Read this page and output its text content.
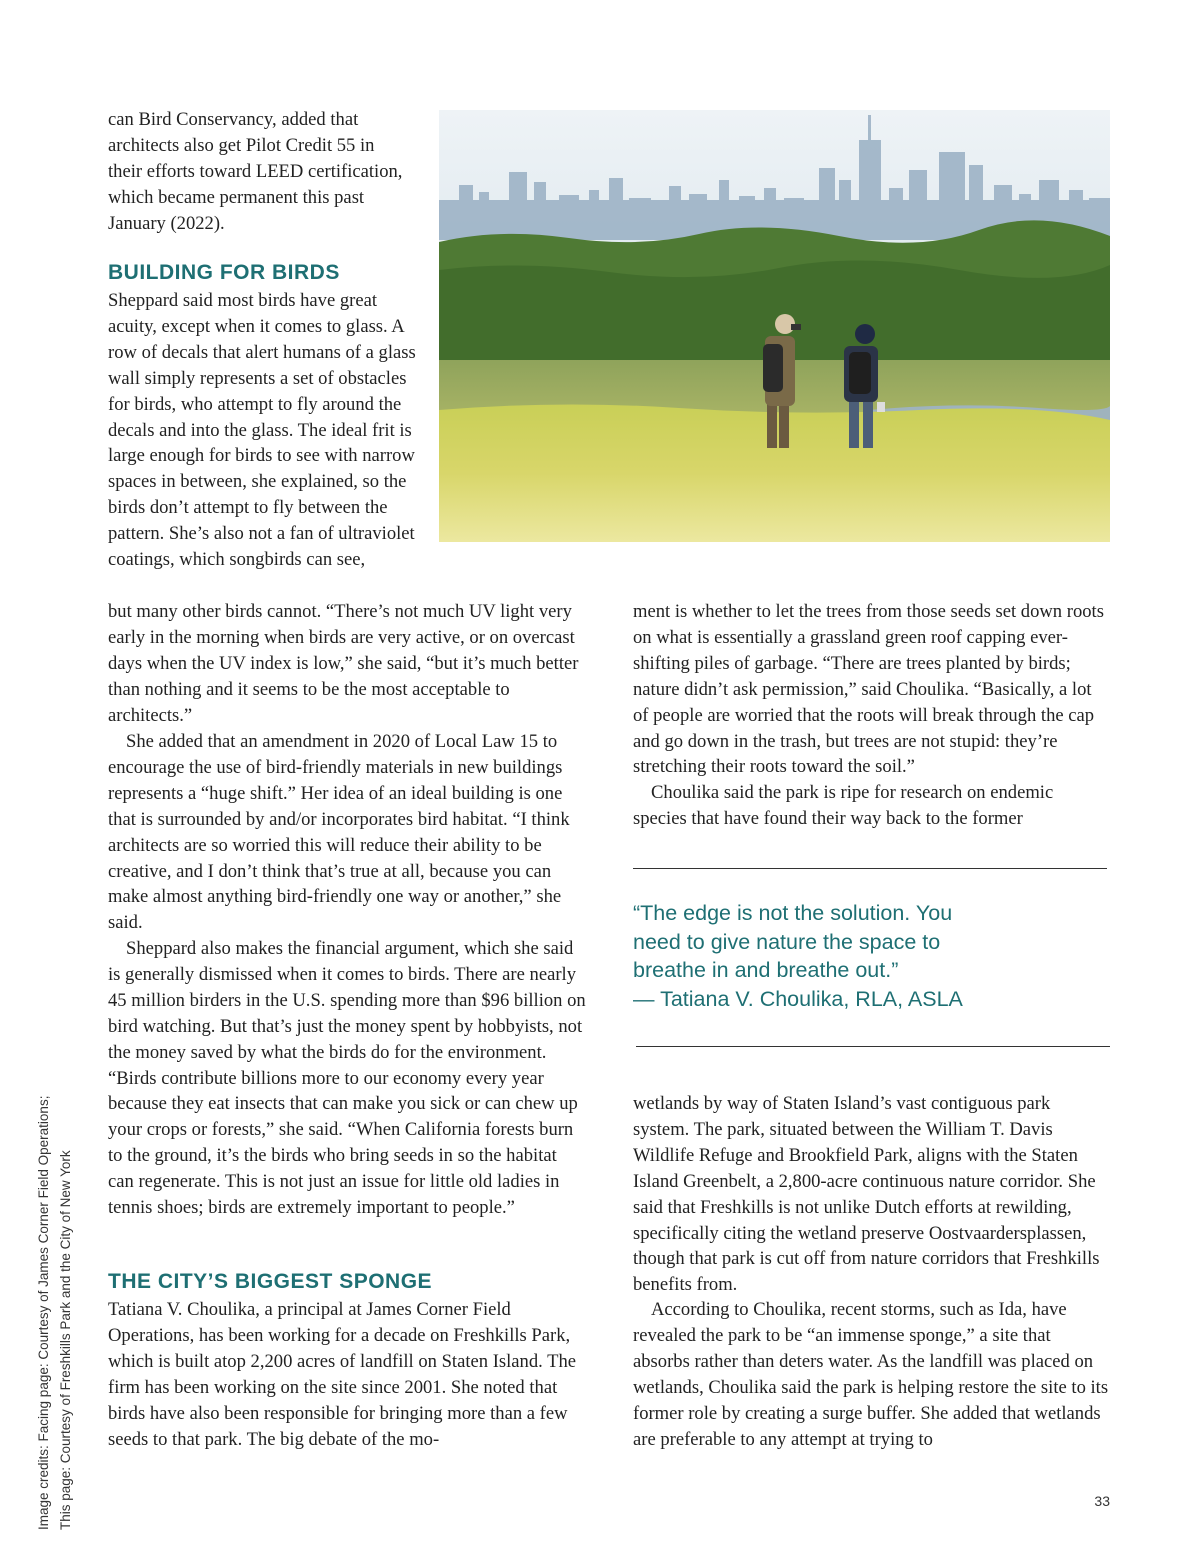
can Bird Conservancy, added that architects also get Pilot Credit 55 in their efforts toward LEED certification, which became permanent this past January (2022).

BUILDING FOR BIRDS

Sheppard said most birds have great acuity, except when it comes to glass. A row of decals that alert humans of a glass wall simply represents a set of obstacles for birds, who attempt to fly around the decals and into the glass. The ideal frit is large enough for birds to see with narrow spaces in between, she explained, so the birds don’t attempt to fly between the pattern. She’s also not a fan of ultraviolet coatings, which songbirds can see,

but many other birds cannot. “There’s not much UV light very early in the morning when birds are very active, or on overcast days when the UV index is low,” she said, “but it’s much better than nothing and it seems to be the most acceptable to architects.”

She added that an amendment in 2020 of Local Law 15 to encourage the use of bird-friendly materials in new buildings represents a “huge shift.” Her idea of an ideal building is one that is surrounded by and/or incorporates bird habitat. “I think architects are so worried this will reduce their ability to be creative, and I don’t think that’s true at all, because you can make almost anything bird-friendly one way or another,” she said.

Sheppard also makes the financial argument, which she said is generally dismissed when it comes to birds. There are nearly 45 million birders in the U.S. spending more than $96 billion on bird watching. But that’s just the money spent by hobbyists, not the money saved by what the birds do for the environment. “Birds contribute billions more to our economy every year because they eat insects that can make you sick or can chew up your crops or forests,” she said. “When California forests burn to the ground, it’s the birds who bring seeds in so the habitat can regenerate. This is not just an issue for little old ladies in tennis shoes; birds are extremely important to people.”

THE CITY’S BIGGEST SPONGE

Tatiana V. Choulika, a principal at James Corner Field Operations, has been working for a decade on Freshkills Park, which is built atop 2,200 acres of landfill on Staten Island. The firm has been working on the site since 2001. She noted that birds have also been responsible for bringing more than a few seeds to that park. The big debate of the mo-

ment is whether to let the trees from those seeds set down roots on what is essentially a grassland green roof capping ever-shifting piles of garbage. “There are trees planted by birds; nature didn’t ask permission,” said Choulika. “Basically, a lot of people are worried that the roots will break through the cap and go down in the trash, but trees are not stupid: they’re stretching their roots toward the soil.”

Choulika said the park is ripe for research on endemic species that have found their way back to the former

“The edge is not the solution. You
need to give nature the space to
breathe in and breathe out.”
— Tatiana V. Choulika, RLA, ASLA

wetlands by way of Staten Island’s vast contiguous park system. The park, situated between the William T. Davis Wildlife Refuge and Brookfield Park, aligns with the Staten Island Greenbelt, a 2,800-acre continuous nature corridor. She said that Freshkills is not unlike Dutch efforts at rewilding, specifically citing the wetland preserve Oostvaardersplassen, though that park is cut off from nature corridors that Freshkills benefits from.

According to Choulika, recent storms, such as Ida, have revealed the park to be “an immense sponge,” a site that absorbs rather than deters water. As the landfill was placed on wetlands, Choulika said the park is helping restore the site to its former role by creating a surge buffer. She added that wetlands are preferable to any attempt at trying to

Image credits: Facing page: Courtesy of James Corner Field Operations; This page: Courtesy of Freshkills Park and the City of New York	33
